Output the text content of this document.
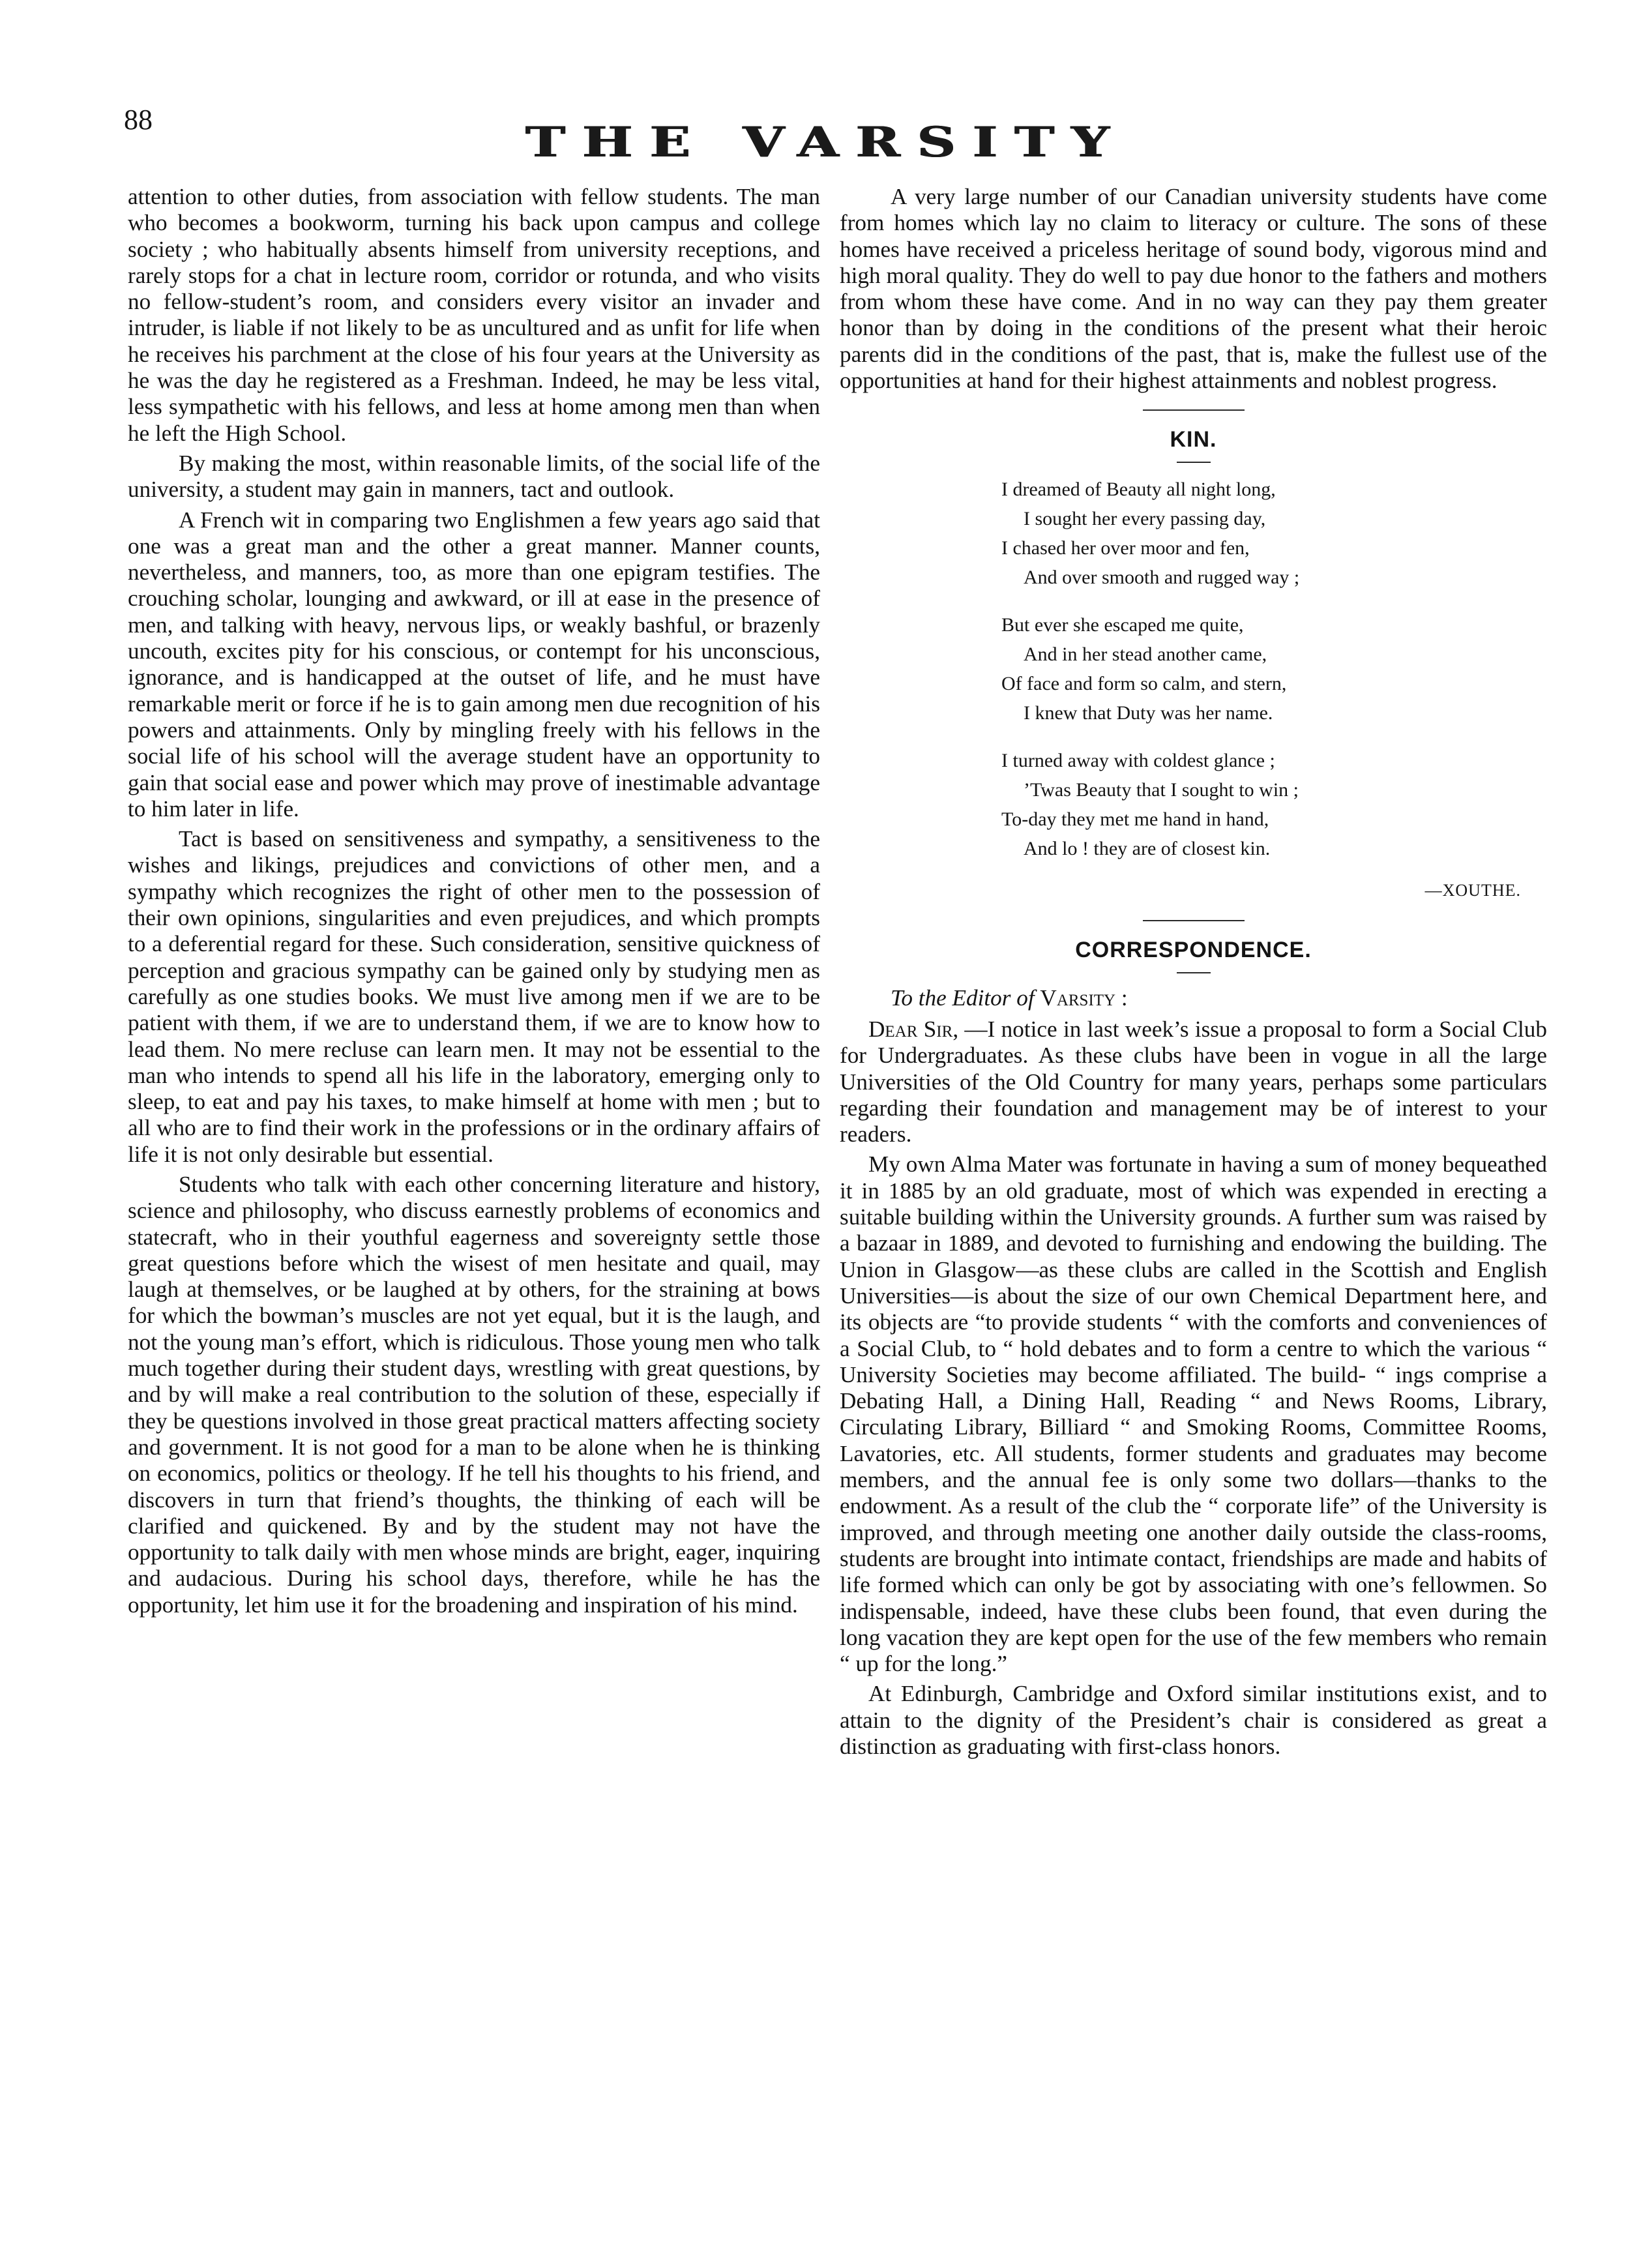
88	THE VARSITY

attention to other duties, from association with fellow students. The man who becomes a bookworm, turning his back upon campus and college society ; who habitually absents himself from university receptions, and rarely stops for a chat in lecture room, corridor or rotunda, and who visits no fellow-student’s room, and considers every visitor an invader and intruder, is liable if not likely to be as uncultured and as unfit for life when he receives his parchment at the close of his four years at the University as he was the day he registered as a Freshman. Indeed, he may be less vital, less sympathetic with his fellows, and less at home among men than when he left the High School.

By making the most, within reasonable limits, of the social life of the university, a student may gain in manners, tact and outlook.

A French wit in comparing two Englishmen a few years ago said that one was a great man and the other a great manner. Manner counts, nevertheless, and manners, too, as more than one epigram testifies. The crouching scholar, lounging and awkward, or ill at ease in the presence of men, and talking with heavy, nervous lips, or weakly bashful, or brazenly uncouth, excites pity for his conscious, or contempt for his unconscious, ignorance, and is handicapped at the outset of life, and he must have remarkable merit or force if he is to gain among men due recognition of his powers and attainments. Only by mingling freely with his fellows in the social life of his school will the average student have an opportunity to gain that social ease and power which may prove of inestimable advantage to him later in life.

Tact is based on sensitiveness and sympathy, a sensitiveness to the wishes and likings, prejudices and convictions of other men, and a sympathy which recognizes the right of other men to the possession of their own opinions, singularities and even prejudices, and which prompts to a deferential regard for these. Such consideration, sensitive quickness of perception and gracious sympathy can be gained only by studying men as carefully as one studies books. We must live among men if we are to be patient with them, if we are to understand them, if we are to know how to lead them. No mere recluse can learn men. It may not be essential to the man who intends to spend all his life in the laboratory, emerging only to sleep, to eat and pay his taxes, to make himself at home with men ; but to all who are to find their work in the professions or in the ordinary affairs of life it is not only desirable but essential.

Students who talk with each other concerning literature and history, science and philosophy, who discuss earnestly problems of economics and statecraft, who in their youthful eagerness and sovereignty settle those great questions before which the wisest of men hesitate and quail, may laugh at themselves, or be laughed at by others, for the straining at bows for which the bowman’s muscles are not yet equal, but it is the laugh, and not the young man’s effort, which is ridiculous. Those young men who talk much together during their student days, wrestling with great questions, by and by will make a real contribution to the solution of these, especially if they be questions involved in those great practical matters affecting society and government. It is not good for a man to be alone when he is thinking on economics, politics or theology. If he tell his thoughts to his friend, and discovers in turn that friend’s thoughts, the thinking of each will be clarified and quickened. By and by the student may not have the opportunity to talk daily with men whose minds are bright, eager, inquiring and audacious. During his school days, therefore, while he has the opportunity, let him use it for the broadening and inspiration of his mind.

A very large number of our Canadian university students have come from homes which lay no claim to literacy or culture. The sons of these homes have received a priceless heritage of sound body, vigorous mind and high moral quality. They do well to pay due honor to the fathers and mothers from whom these have come. And in no way can they pay them greater honor than by doing in the conditions of the present what their heroic parents did in the conditions of the past, that is, make the fullest use of the opportunities at hand for their highest attainments and noblest progress.

KIN.
I dreamed of Beauty all night long,
I sought her every passing day,
I chased her over moor and fen,
And over smooth and rugged way ;
But ever she escaped me quite,
And in her stead another came,
Of face and form so calm, and stern,
I knew that Duty was her name.
I turned away with coldest glance ;
’Twas Beauty that I sought to win ;
To-day they met me hand in hand,
And lo ! they are of closest kin.
—XOUTHE.
CORRESPONDENCE.

To the Editor of Varsity :

Dear Sir, —I notice in last week’s issue a proposal to form a Social Club for Undergraduates. As these clubs have been in vogue in all the large Universities of the Old Country for many years, perhaps some particulars regarding their foundation and management may be of interest to your readers.

My own Alma Mater was fortunate in having a sum of money bequeathed it in 1885 by an old graduate, most of which was expended in erecting a suitable building within the University grounds. A further sum was raised by a bazaar in 1889, and devoted to furnishing and endowing the building. The Union in Glasgow—as these clubs are called in the Scottish and English Universities—is about the size of our own Chemical Department here, and its objects are “to provide students “ with the comforts and conveniences of a Social Club, to “ hold debates and to form a centre to which the various “ University Societies may become affiliated. The build- “ ings comprise a Debating Hall, a Dining Hall, Reading “ and News Rooms, Library, Circulating Library, Billiard “ and Smoking Rooms, Committee Rooms, Lavatories, etc. All students, former students and graduates may become members, and the annual fee is only some two dollars—thanks to the endowment. As a result of the club the “ corporate life” of the University is improved, and through meeting one another daily outside the class-rooms, students are brought into intimate contact, friendships are made and habits of life formed which can only be got by associating with one’s fellowmen. So indispensable, indeed, have these clubs been found, that even during the long vacation they are kept open for the use of the few members who remain “ up for the long.”

At Edinburgh, Cambridge and Oxford similar institutions exist, and to attain to the dignity of the President’s chair is considered as great a distinction as graduating with first-class honors.
